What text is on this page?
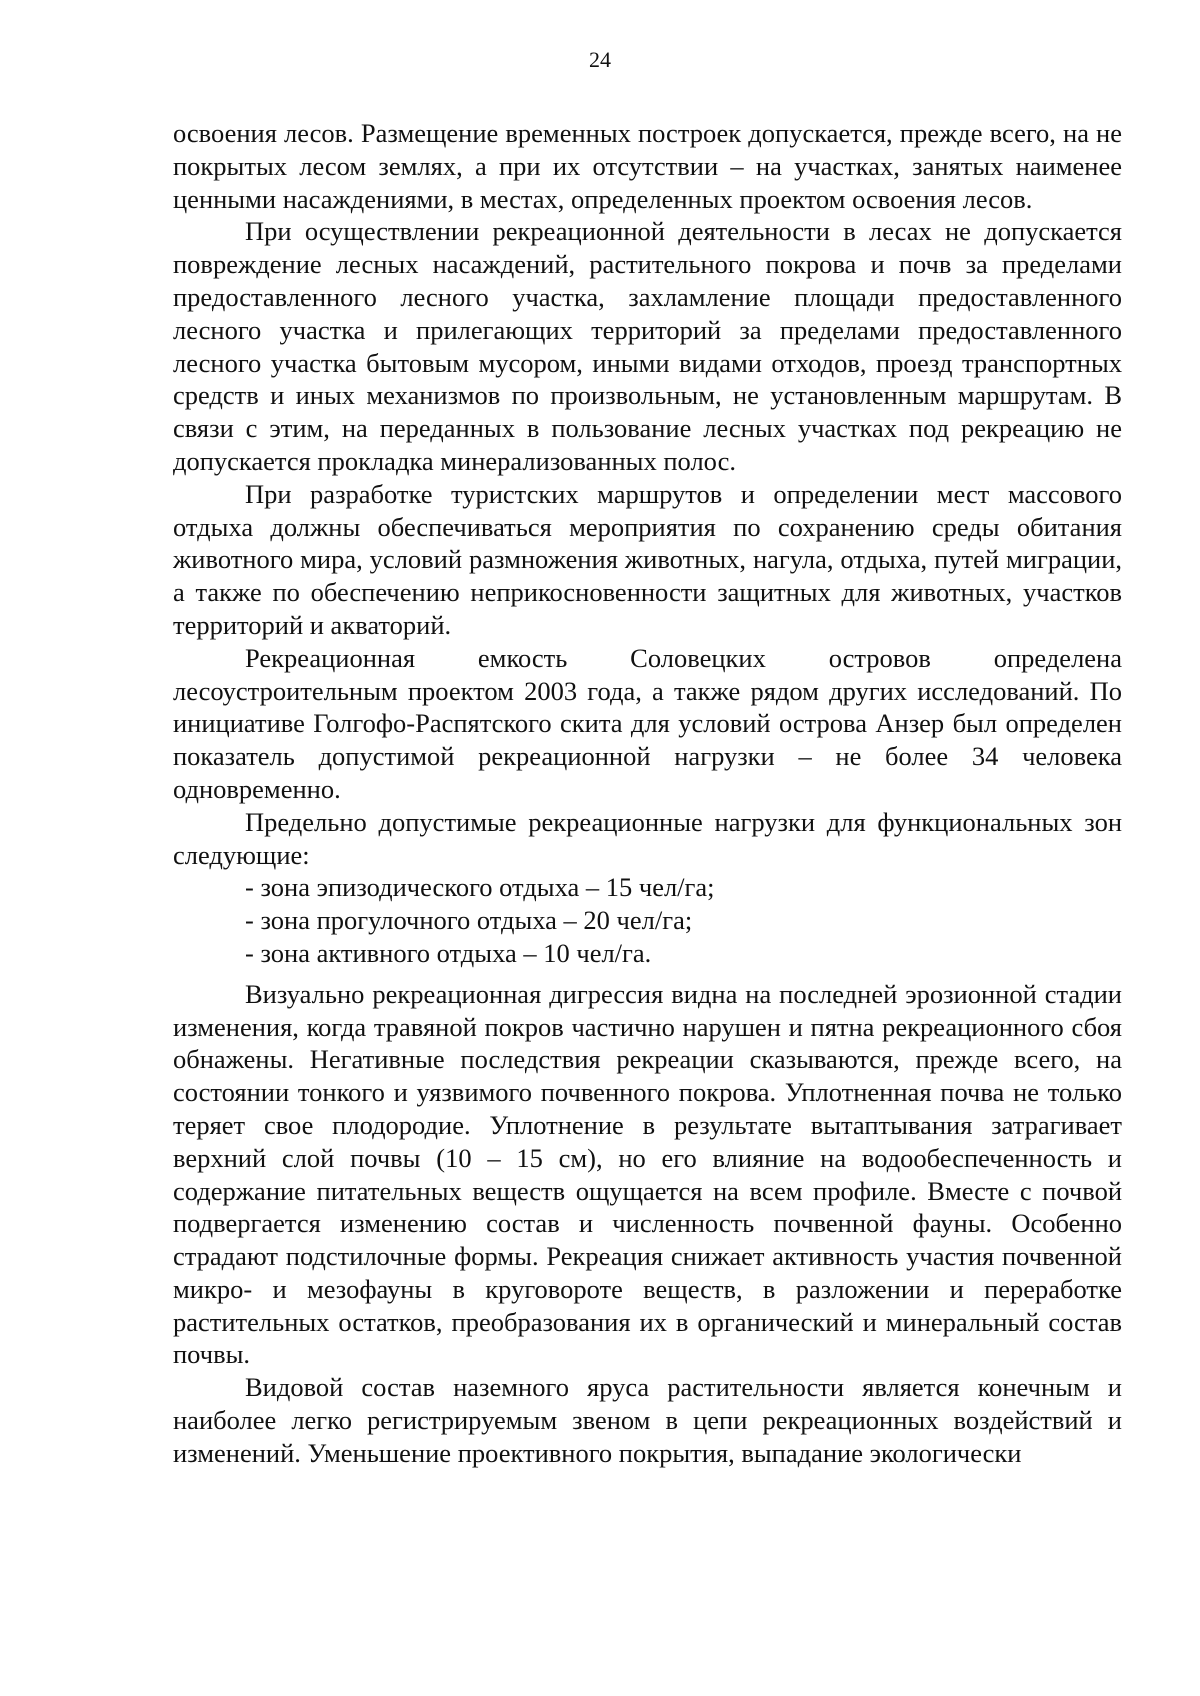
24

освоения лесов. Размещение временных построек допускается, прежде всего, на не покрытых лесом землях, а при их отсутствии – на участках, занятых наименее ценными насаждениями, в местах, определенных проектом освоения лесов.

При осуществлении рекреационной деятельности в лесах не допускается повреждение лесных насаждений, растительного покрова и почв за пределами предоставленного лесного участка, захламление площади предоставленного лесного участка и прилегающих территорий за пределами предоставленного лесного участка бытовым мусором, иными видами отходов, проезд транспортных средств и иных механизмов по произвольным, не установленным маршрутам. В связи с этим, на переданных в пользование лесных участках под рекреацию не допускается прокладка минерализованных полос.

При разработке туристских маршрутов и определении мест массового отдыха должны обеспечиваться мероприятия по сохранению среды обитания животного мира, условий размножения животных, нагула, отдыха, путей миграции, а также по обеспечению неприкосновенности защитных для животных, участков территорий и акваторий.

Рекреационная емкость Соловецких островов определена лесоустроительным проектом 2003 года, а также рядом других исследований. По инициативе Голгофо-Распятского скита для условий острова Анзер был определен показатель допустимой рекреационной нагрузки – не более 34 человека одновременно.

Предельно допустимые рекреационные нагрузки для функциональных зон следующие:

- зона эпизодического отдыха – 15 чел/га;
- зона прогулочного отдыха – 20 чел/га;
- зона активного отдыха – 10 чел/га.

Визуально рекреационная дигрессия видна на последней эрозионной стадии изменения, когда травяной покров частично нарушен и пятна рекреационного сбоя обнажены. Негативные последствия рекреации сказываются, прежде всего, на состоянии тонкого и уязвимого почвенного покрова. Уплотненная почва не только теряет свое плодородие. Уплотнение в результате вытаптывания затрагивает верхний слой почвы (10 – 15 см), но его влияние на водообеспеченность и содержание питательных веществ ощущается на всем профиле. Вместе с почвой подвергается изменению состав и численность почвенной фауны. Особенно страдают подстилочные формы. Рекреация снижает активность участия почвенной микро- и мезофауны в круговороте веществ, в разложении и переработке растительных остатков, преобразования их в органический и минеральный состав почвы.

Видовой состав наземного яруса растительности является конечным и наиболее легко регистрируемым звеном в цепи рекреационных воздействий и изменений. Уменьшение проективного покрытия, выпадание экологически
